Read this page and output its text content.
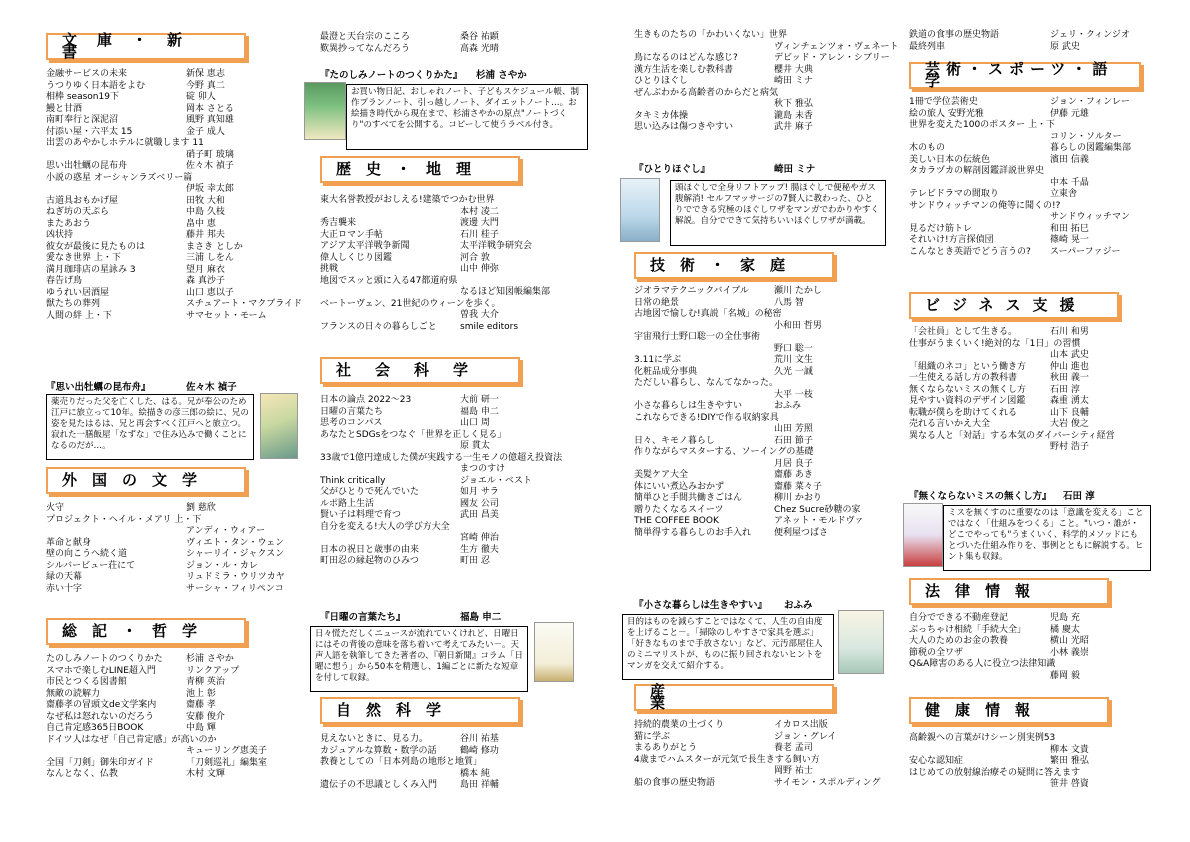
文庫・新書
『思い出牡蠣の昆布舟』	佐々木 禎子
薬売りだった父を亡くした、はる。兄が奉公のため江戸に旅立って10年。絵描きの彦三郎の絵に、兄の姿を見たはるは、兄と再会すべく江戸へと旅立つ。寂れた一膳飯屋「なずな」で住み込みで働くことになるのだが…。
外国の文学
総記・哲学
金融サービスの未来	新保 恵志
うつりゆく日本語をよむ	今野 真二
相棒 season19下	碇 卯人
鰻と甘酒	岡本 さとる
南町奉行と深泥沼	風野 真知雄
付添い屋・六平太 15	金子 成人
出雲のあやかしホテルに就職します 11
硝子町 玻璃
思い出牡蠣の昆布舟	佐々木 禎子
小説の惑星 オーシャンラズベリー篇
伊坂 幸太郎
古道具おもかげ屋	田牧 大和
ねぎ坊の天ぷら	中島 久枝
またあおう	畠中 恵
凶状持	藤井 邦夫
彼女が最後に見たものは	まさき としか
愛なき世界 上・下	三浦 しをん
満月珈琲店の星詠み 3	望月 麻衣
春告げ鳥	森 真沙子
ゆうれい居酒屋	山口 恵以子
獣たちの葬列	スチュアート・マクブライド
人間の絆 上・下	サマセット・モーム
火守	劉 慈欣
プロジェクト・ヘイル・メアリ 上・下
アンディ・ウィアー
革命と献身	ヴィエト・タン・ウェン
壁の向こうへ続く道	シャーリイ・ジャクスン
シルバービュー荘にて	ジョン・ル・カレ
緑の天幕	リュドミラ・ウリツカヤ
赤い十字	サーシャ・フィリペンコ
たのしみノートのつくりかた	杉浦 さやか
スマホで楽しむLINE超入門	リンクアップ
市民とつくる図書館	青柳 英治
無敵の読解力	池上 彰
齋藤孝の冒頭文de文学案内	齋藤 孝
なぜ私は怒れないのだろう	安藤 俊介
自己肯定感365日BOOK	中島 輝
ドイツ人はなぜ「自己肯定感」が高いのか
キューリング恵美子
全国「刀剣」御朱印ガイド	「刀剣巡礼」編集室
なんとなく、仏教	木村 文輝
『たのしみノートのつくりかた』 杉浦 さやか
お買い物日記、おしゃれノート、子どもスケジュール帳、制作プランノート、引っ越しノート、ダイエットノート…。お絵描き時代から現在まで、杉浦さやかの原点"ノートづくり"のすべてを公開する。コピーして使うラベル付き。
歴史・地理
社会科学
『日曜の言葉たち』	福島 申二
日々慌ただしくニュースが流れていくけれど、日曜日にはその背後の意味を落ち着いて考えてみたい－。天声人語を執筆してきた著者の、『朝日新聞』コラム「日曜に想う」から50本を精選し、1編ごとに新たな短章を付して収録。
自然科学
最澄と天台宗のこころ	桑谷 祐顕
歎異抄ってなんだろう	高森 光晴
東大名誉教授がおしえる!建築でつかむ世界
本村 凌二
秀吉襲来	渡邊 大門
大正ロマン手帖	石川 桂子
アジア太平洋戦争新聞	太平洋戦争研究会
偉人しくじり図鑑	河合 敦
挑戦	山中 伸弥
地図でスッと頭に入る47都道府県
なるほど知図帳編集部
ベートーヴェン、21世紀のウィーンを歩く。
曽我 大介
フランスの日々の暮らしごと	smile editors
日本の論点 2022～23	大前 研一
日曜の言葉たち	福島 申二
思考のコンパス	山口 周
あなたとSDGsをつなぐ「世界を正しく見る」
原 貫太
33歳で1億円達成した僕が実践する一生モノの億超え投資法
まつのすけ
Think critically	ジョエル・ベスト
父がひとりで死んでいた	如月 サラ
ルポ路上生活	國友 公司
賢い子は料理で育つ	武田 昌美
自分を変える!大人の学び方大全
宮崎 伸治
日本の祝日と歳事の由来	生方 徹夫
町田忍の縁起物のひみつ	町田 忍
見えないときに、見る力。	谷川 祐基
カジュアルな算数・数学の話	鶴崎 修功
教養としての「日本列島の地形と地質」
橋本 純
遺伝子の不思議としくみ入門	島田 祥輔
『ひとりほぐし』	崎田 ミナ
頭ほぐしで全身リフトアップ! 腸ほぐしで便秘やガス腹解消! セルフマッサージの7賢人に教わった、ひとりでできる究極のほぐしワザをマンガでわかりやすく解説。自分でできて気持ちいいほぐしワザが満載。
技術・家庭
『小さな暮らしは生きやすい』 おふみ
目的はものを減らすことではなくて、人生の自由度を上げること－。「掃除のしやすさで家具を選ぶ」「好きなものまで手放さない」など、元汚部屋住人のミニマリストが、ものに振り回されないヒントをマンガを交えて紹介する。
産業
生きものたちの「かわいくない」世界
ヴィンチェンツォ・ヴェネート
鳥になるのはどんな感じ?	デビッド・アレン・シブリー
漢方生活を楽しむ教科書	櫻井 大典
ひとりほぐし	崎田 ミナ
ぜんぶわかる高齢者のからだと病気
秋下 雅弘
タキミカ体操	瀧島 未香
思い込みは傷つきやすい	武井 麻子
ジオラマテクニックバイブル	瀬川 たかし
日常の絶景	八馬 智
古地図で愉しむ!真説「名城」の秘密
小和田 哲男
宇宙飛行士野口聡一の全仕事術
野口 聡一
3.11に学ぶ	荒川 文生
化粧品成分事典	久光 一誠
ただしい暮らし、なんてなかった。
大平 一枝
小さな暮らしは生きやすい	おふみ
これならできる!DIYで作る収納家具
山田 芳照
日々、キモノ暮らし	石田 節子
作りながらマスターする、ソーイングの基礎
月居 良子
美髪ケア大全	齋藤 あき
体にいい煮込みおかず	齋藤 菜々子
簡単ひと手間共働きごはん	柳川 かおり
贈りたくなるスイーツ	Chez Sucre砂糖の家
THE COFFEE BOOK	アネット・モルドヴァ
簡単得する暮らしのお手入れ	便利屋つばさ
持続的農業の土づくり	イカロス出版
猫に学ぶ	ジョン・グレイ
まるありがとう	養老 孟司
4歳までハムスターが元気で長生きする飼い方
岡野 祐士
船の食事の歴史物語	サイモン・スポルディング
芸術・スポーツ・語学
ビジネス支援
『無くならないミスの無くし方』 石田 淳
ミスを無くすのに重要なのは「意識を変える」ことではなく「仕組みをつくる」こと。"いつ・誰が・どこでやっても"うまくいく、科学的メソッドにもとづいた仕組み作りを、事例とともに解説する。ヒント集も収録。
法律情報
健康情報
鉄道の食事の歴史物語	ジェリ・クィンジオ
最終列車	原 武史
1冊で学位芸術史	ジョン・フィンレー
絵の旅人 安野光雅	伊藤 元雄
世界を変えた100のポスター 上・下
コリン・ソルター
木のもの	暮らしの図鑑編集部
美しい日本の伝統色	濱田 信義
タカラヅカの解剖図鑑詳説世界史
中本 千晶
テレビドラマの間取り	立東舎
サンドウィッチマンの俺等に聞くの!?
サンドウィッチマン
見るだけ筋トレ	和田 拓巳
それいけ!方言探偵団	篠崎 晃一
こんなとき英語でどう言うの? スーパーファジー
「会社員」として生きる。	石川 和男
仕事がうまくいく!絶対的な「1日」の習慣
山本 武史
「組織のネコ」という働き方	仲山 進也
一生使える話し方の教科書	秋田 義一
無くならないミスの無くし方	石田 淳
見やすい資料のデザイン図鑑	森重 湧太
転職が僕らを助けてくれる	山下 良輔
売れる言いかえ大全	大岩 俊之
異なる人と「対話」する本気のダイバーシティ経営
野村 浩子
自分でできる不動産登記	児島 充
ぶっちゃけ相続「手続大全」	橘 慶太
大人のためのお金の教養	横山 光昭
節税の全ワザ	小林 義崇
Q&A障害のある人に役立つ法律知識
藤岡 毅
高齢親への言葉がけシーン別実例53
柳本 文貴
安心な認知症	繁田 雅弘
はじめての放射線治療その疑問に答えます
笹井 啓資
